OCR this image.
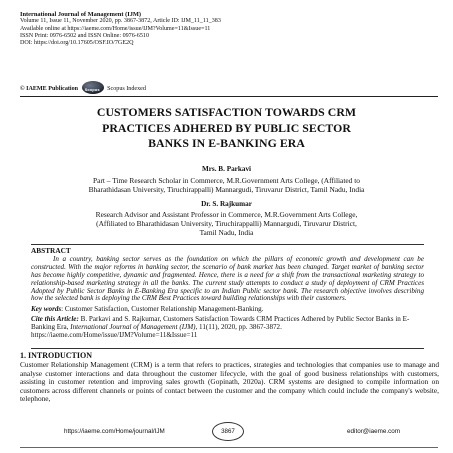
International Journal of Management (IJM)
Volume 11, Issue 11, November 2020, pp. 3867-3872, Article ID: IJM_11_11_383
Available online at https://iaeme.com/Home/issue/IJM?Volume=11&Issue=11
ISSN Print: 0976-6502 and ISSN Online: 0976-6510
DOI: https://doi.org/10.17605/OSF.IO/7GE2Q
© IAEME Publication Scopus	Scopus Indexed
CUSTOMERS SATISFACTION TOWARDS CRM
PRACTICES ADHERED BY PUBLIC SECTOR
BANKS IN E-BANKING ERA
Mrs. B. Parkavi
Part – Time Research Scholar in Commerce, M.R.Government Arts College, (Affiliated to
Bharathidasan University, Tiruchirappalli) Mannargudi, Tiruvarur District, Tamil Nadu, India
Dr. S. Rajkumar
Research Advisor and Assistant Professor in Commerce, M.R.Government Arts College,
(Affiliated to Bharathidasan University, Tiruchirappalli) Mannargudi, Tiruvarur District,
Tamil Nadu, India
ABSTRACT

In a country, banking sector serves as the foundation on which the pillars of economic growth and development can be constructed. With the major reforms in banking sector, the scenario of bank market has been changed. Target market of banking sector has become highly competitive, dynamic and fragmented. Hence, there is a need for a shift from the transactional marketing strategy to relationship-based marketing strategy in all the banks. The current study attempts to conduct a study of deployment of CRM Practices Adopted by Public Sector Banks in E-Banking Era specific to an Indian Public sector bank. The research objective involves describing how the selected bank is deploying the CRM Best Practices toward building relationships with their customers.

Key words: Customer Satisfaction, Customer Relationship Management-Banking.
Cite this Article: B. Parkavi and S. Rajkumar, Customers Satisfaction Towards CRM Practices Adhered by Public Sector Banks in E-Banking Era, International Journal of Management (IJM), 11(11), 2020, pp. 3867-3872.
https://iaeme.com/Home/issue/IJM?Volume=11&Issue=11
1. INTRODUCTION

Customer Relationship Management (CRM) is a term that refers to practices, strategies and technologies that companies use to manage and analyse customer interactions and data throughout the customer lifecycle, with the goal of good business relationships with customers, assisting in customer retention and improving sales growth (Gopinath, 2020a). CRM systems are designed to compile information on customers across different channels or points of contact between the customer and the company which could include the company's website, telephone,

https://iaeme.com/Home/journal/IJM	3867	editor@iaeme.com
